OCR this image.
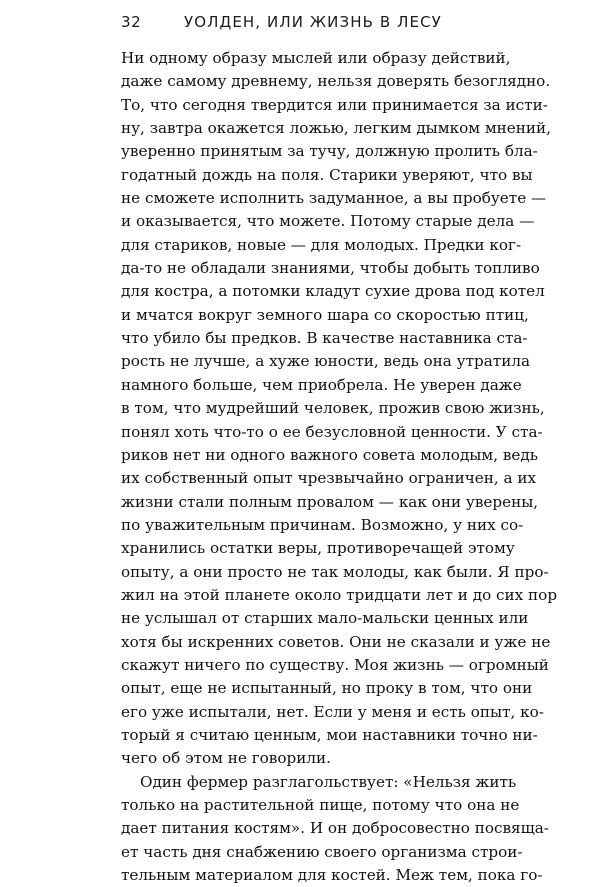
32	УОЛДЕН, ИЛИ ЖИЗНЬ В ЛЕСУ
Ни одному образу мыслей или образу действий,
даже самому древнему, нельзя доверять безоглядно.
То, что сегодня твердится или принимается за исти-
ну, завтра окажется ложью, легким дымком мнений,
уверенно принятым за тучу, должную пролить бла-
годатный дождь на поля. Старики уверяют, что вы
не сможете исполнить задуманное, а вы пробуете —
и оказывается, что можете. Потому старые дела —
для стариков, новые — для молодых. Предки ког-
да-то не обладали знаниями, чтобы добыть топливо
для костра, а потомки кладут сухие дрова под котел
и мчатся вокруг земного шара со скоростью птиц,
что убило бы предков. В качестве наставника ста-
рость не лучше, а хуже юности, ведь она утратила
намного больше, чем приобрела. Не уверен даже
в том, что мудрейший человек, прожив свою жизнь,
понял хоть что-то о ее безусловной ценности. У ста-
риков нет ни одного важного совета молодым, ведь
их собственный опыт чрезвычайно ограничен, а их
жизни стали полным провалом — как они уверены,
по уважительным причинам. Возможно, у них со-
хранились остатки веры, противоречащей этому
опыту, а они просто не так молоды, как были. Я про-
жил на этой планете около тридцати лет и до сих пор
не услышал от старших мало-мальски ценных или
хотя бы искренних советов. Они не сказали и уже не
скажут ничего по существу. Моя жизнь — огромный
опыт, еще не испытанный, но проку в том, что они
его уже испытали, нет. Если у меня и есть опыт, ко-
торый я считаю ценным, мои наставники точно ни-
чего об этом не говорили.
Один фермер разглагольствует: «Нельзя жить
только на растительной пище, потому что она не
дает питания костям». И он добросовестно посвяща-
ет часть дня снабжению своего организма строи-
тельным материалом для костей. Меж тем, пока го-
